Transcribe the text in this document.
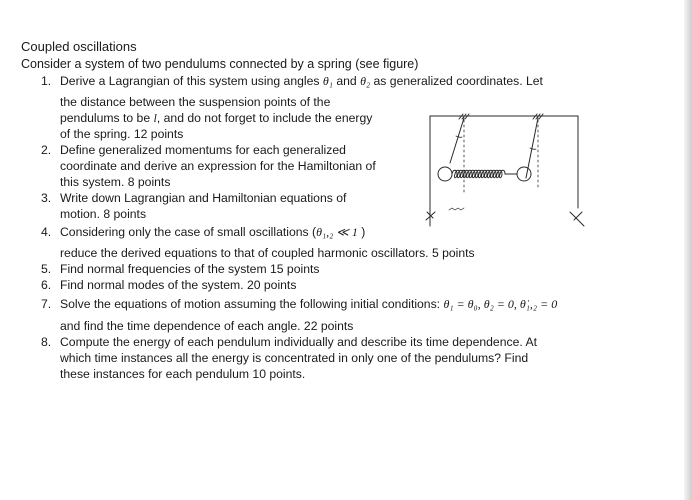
Coupled oscillations
Consider a system of two pendulums connected by a spring (see figure)
1. Derive a Lagrangian of this system using angles θ₁ and θ₂ as generalized coordinates. Let
the distance between the suspension points of the
pendulums to be l, and do not forget to include the energy
of the spring. 12 points
2. Define generalized momentums for each generalized
coordinate and derive an expression for the Hamiltonian of
this system. 8 points
3. Write down Lagrangian and Hamiltonian equations of
motion. 8 points
4. Considering only the case of small oscillations (θ₁,₂ ≪ 1 )
reduce the derived equations to that of coupled harmonic oscillators. 5 points
5. Find normal frequencies of the system 15 points
6. Find normal modes of the system. 20 points
7. Solve the equations of motion assuming the following initial conditions: θ₁ = θ₀, θ₂ = 0, θ̇₁,₂ = 0
and find the time dependence of each angle. 22 points
8. Compute the energy of each pendulum individually and describe its time dependence. At
which time instances all the energy is concentrated in only one of the pendulums? Find
these instances for each pendulum 10 points.
